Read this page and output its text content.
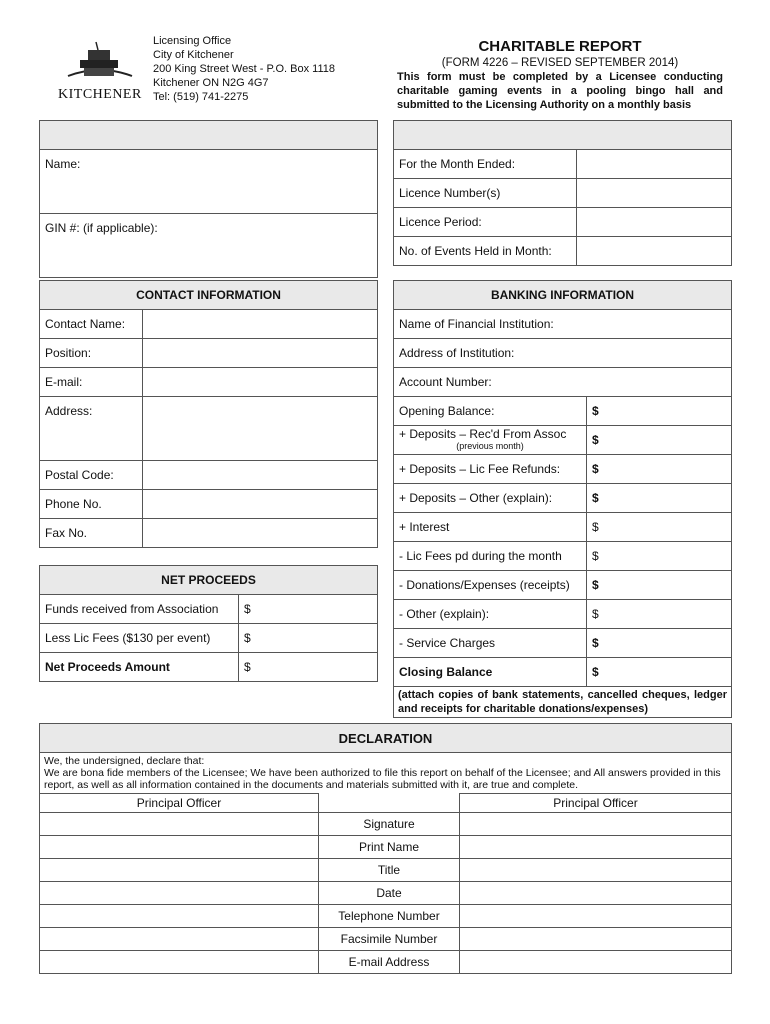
KITCHENER
Licensing Office
City of Kitchener
200 King Street West - P.O. Box 1118
Kitchener ON N2G 4G7
Tel: (519) 741-2275
CHARITABLE REPORT
(FORM 4226 – REVISED SEPTEMBER 2014)
This form must be completed by a Licensee conducting charitable gaming events in a pooling bingo hall and submitted to the Licensing Authority on a monthly basis

Name:
GIN #: (if applicable):

For the Month Ended:	
Licence Number(s)	
Licence Period:	
No. of Events Held in Month:	
CONTACT INFORMATION	
Contact Name:	
Position:	
E-mail:	
Address:	
Postal Code:	
Phone No.	
Fax No.	
NET PROCEEDS	
Funds received from Association	$
Less Lic Fees ($130 per event)	$
Net Proceeds Amount	$
BANKING INFORMATION	
Name of Financial Institution:	
Address of Institution:	
Account Number:	
Opening Balance:	$

+ Deposits – Rec'd From Assoc
(previous month)	$
+ Deposits – Lic Fee Refunds:	$
+ Deposits – Other (explain):	$
+ Interest	$
- Lic Fees pd during the month	$
- Donations/Expenses (receipts)	$
- Other (explain):	$
- Service Charges	$
Closing Balance	$
(attach copies of bank statements, cancelled cheques, ledger and receipts for charitable donations/expenses)	
DECLARATION		

We, the undersigned, declare that:
We are bona fide members of the Licensee; We have been authorized to file this report on behalf of the Licensee; and All answers provided in this report, as well as all information contained in the documents and materials submitted with it, are true and complete.		

Principal Officer		Principal Officer
	Signature	
	Print Name	
	Title	
	Date	
	Telephone Number	
	Facsimile Number	
	E-mail Address	
